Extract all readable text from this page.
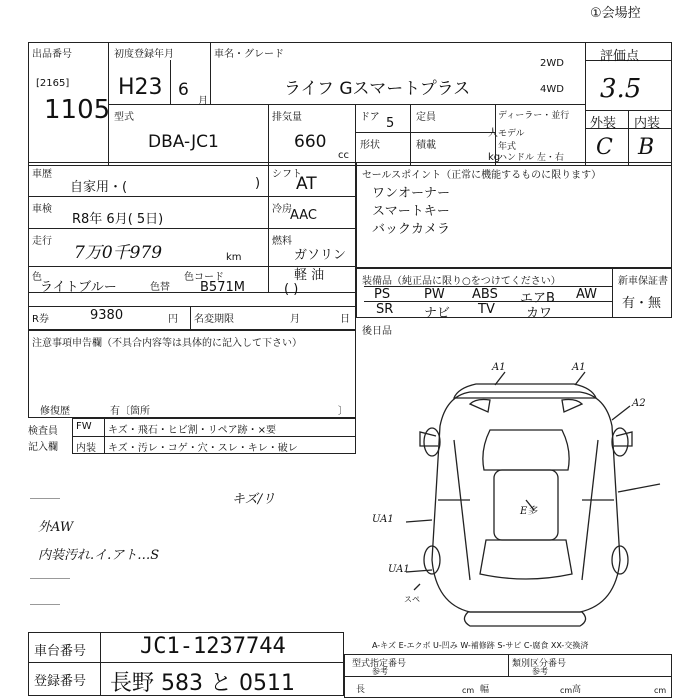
①会場控
出品番号
[2165]
1105
初度登録年月
H23 6
月
車名・グレード
ライフ Gスマートプラス
2WD
4WD
評価点
3.5
外装 内装
C B
型式
DBA-JC1
排気量
660
cc
ドア 5 定員
人
形状	積載
kg
ディーラー・並行
モデル年式
ハンドル 左・右
車歴
自家用・(	)
シフト
AT
車検
R8年 6月( 5日)
冷房
AAC
走行
7万0千979	km
燃料
ガソリン
軽 油
( )
色
ライトブルー	色替
色コード
B571M
R券	9380	円 名変期限	月	日
セールスポイント（正常に機能するものに限ります）
ワンオーナー
スマートキー
バックカメラ
装備品（純正品に限り○をつけてください）	新車保証書
有・無
PS	PW ABS エアB AW
SR ナビ TV カワ
後日品
注意事項申告欄（不具合内容等は具体的に記入して下さい）
修復歴	有〔箇所	〕
検査員
記入欄
FW キズ・飛石・ヒビ割・リペア跡・×要
内装 キズ・汚レ・コゲ・穴・スレ・キレ・破レ
キズ/リ
外AW
内装汚れ.イ.アト…S
A1	A1
A2
E多
UA1
UA1
スペ
車台番号 JC1-1237744
登録番号 長野 583 と 0511
A-キズ E-エクボ U-凹み W-補修跡 S-サビ C-腐食 XX-交換済
型式指定番号
参考
類別区分番号
参考
長	cm 幅	cm 高	cm
